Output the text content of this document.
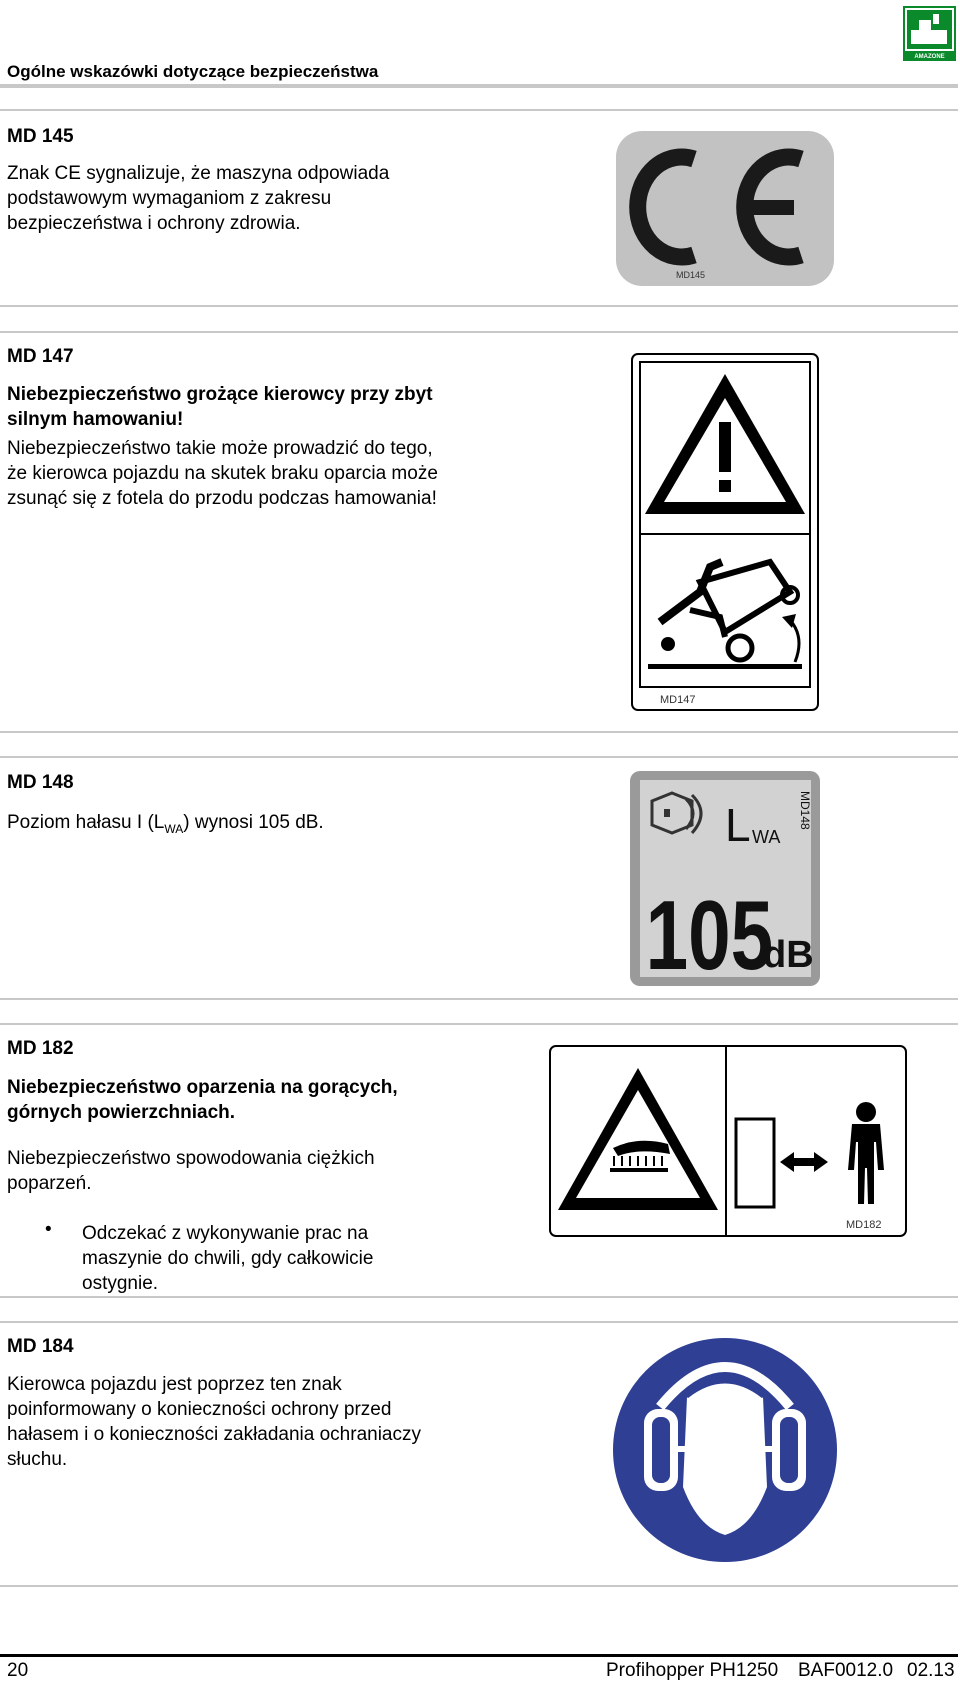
Ogólne wskazówki dotyczące bezpieczeństwa
AMAZONE
MD 145
Znak CE sygnalizuje, że maszyna odpowiada
podstawowym wymaganiom z zakresu
bezpieczeństwa i ochrony zdrowia.
MD145
MD 147
Niebezpieczeństwo grożące kierowcy przy zbyt
silnym hamowaniu!
Niebezpieczeństwo takie może prowadzić do tego,
że kierowca pojazdu na skutek braku oparcia może
zsunąć się z fotela do przodu podczas hamowania!
MD147
MD 148
Poziom hałasu I $(L_{WA})$ wynosi 105 dB.	L WA
MD148
105
dB
MD 182
Niebezpieczeństwo oparzenia na gorących,
górnych powierzchniach.
Niebezpieczeństwo spowodowania ciężkich
poparzeń.
• Odczekać z wykonywanie prac na
maszynie do chwili, gdy całkowicie
ostygnie.
MD182
MD 184
Kierowca pojazdu jest poprzez ten znak
poinformowany o konieczności ochrony przed
hałasem i o konieczności zakładania ochraniaczy
słuchu.
20	Profihopper PH1250 BAF0012.0 02.13
